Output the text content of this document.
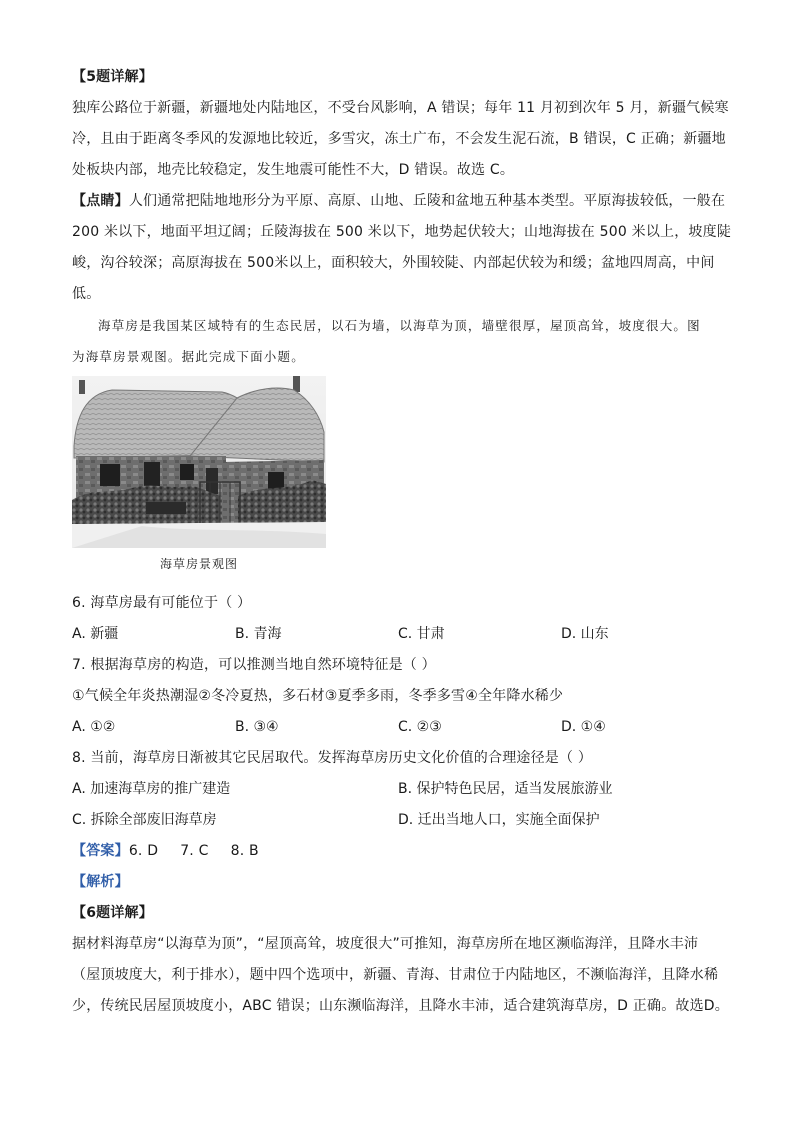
【5题详解】
独库公路位于新疆，新疆地处内陆地区，不受台风影响，A 错误；每年 11 月初到次年 5 月，新疆气候寒
冷，且由于距离冬季风的发源地比较近，多雪灾，冻土广布，不会发生泥石流，B 错误，C 正确；新疆地
处板块内部，地壳比较稳定，发生地震可能性不大，D 错误。故选 C。
【点睛】人们通常把陆地地形分为平原、高原、山地、丘陵和盆地五种基本类型。平原海拔较低，一般在
200 米以下，地面平坦辽阔；丘陵海拔在 500 米以下，地势起伏较大；山地海拔在 500 米以上，坡度陡
峻，沟谷较深；高原海拔在 500米以上，面积较大，外围较陡、内部起伏较为和缓；盆地四周高，中间
低。
海草房是我国某区域特有的生态民居，以石为墙，以海草为顶，墙壁很厚，屋顶高耸，坡度很大。图
为海草房景观图。据此完成下面小题。
海草房景观图
6. 海草房最有可能位于（ ）
A. 新疆	B. 青海	C. 甘肃	D. 山东
7. 根据海草房的构造，可以推测当地自然环境特征是（ ）
①气候全年炎热潮湿②冬冷夏热，多石材③夏季多雨，冬季多雪④全年降水稀少
A. ①②	B. ③④	C. ②③	D. ①④
8. 当前，海草房日渐被其它民居取代。发挥海草房历史文化价值的合理途径是（ ）
A. 加速海草房的推广建造	B. 保护特色民居，适当发展旅游业
C. 拆除全部废旧海草房	D. 迁出当地人口，实施全面保护
【答案】6. D 7. C 8. B
【解析】
【6题详解】
据材料海草房“以海草为顶”，“屋顶高耸，坡度很大”可推知，海草房所在地区濒临海洋，且降水丰沛
（屋顶坡度大，利于排水），题中四个选项中，新疆、青海、甘肃位于内陆地区，不濒临海洋，且降水稀
少，传统民居屋顶坡度小，ABC 错误；山东濒临海洋，且降水丰沛，适合建筑海草房，D 正确。故选D。
